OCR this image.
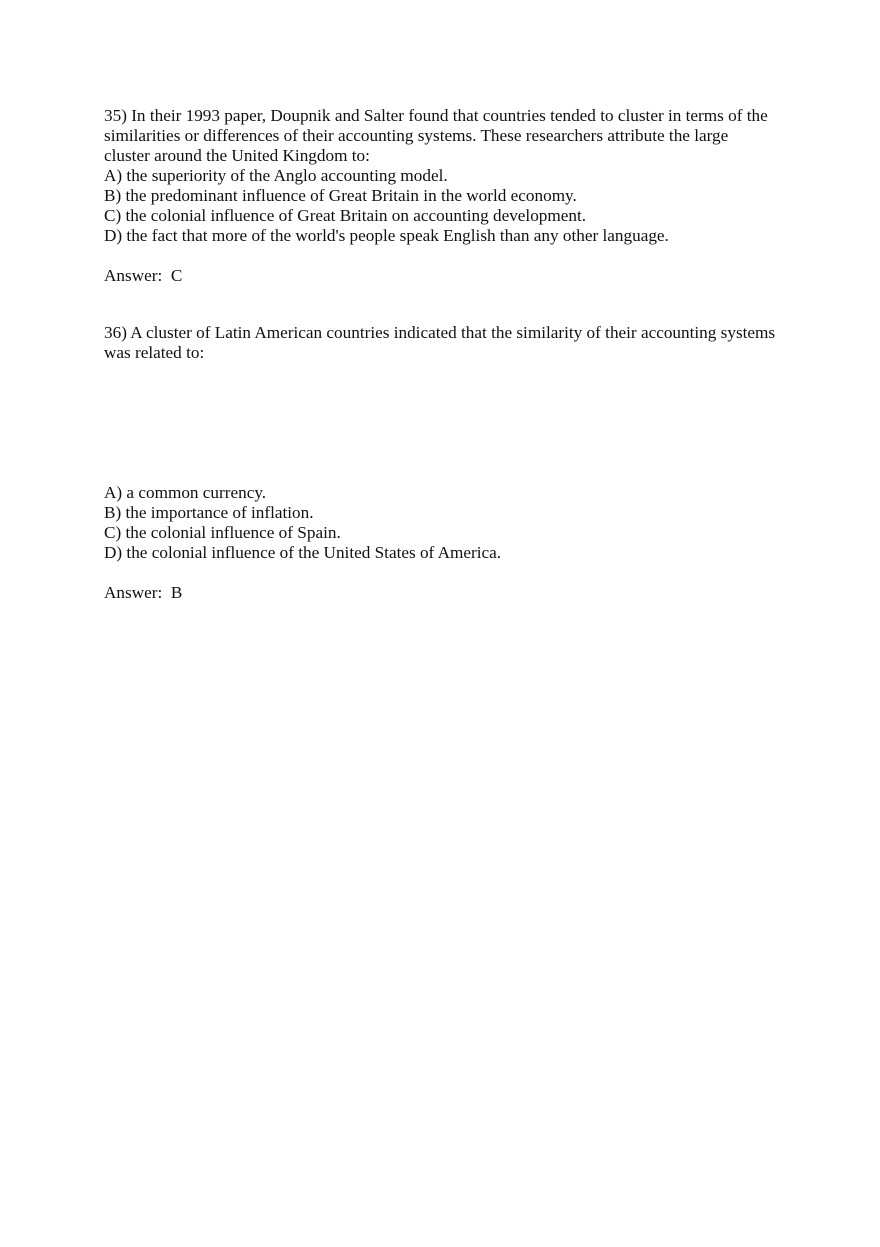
35) In their 1993 paper, Doupnik and Salter found that countries tended to cluster in terms of the
similarities or differences of their accounting systems. These researchers attribute the large
cluster around the United Kingdom to:
A) the superiority of the Anglo accounting model.
B) the predominant influence of Great Britain in the world economy.
C) the colonial influence of Great Britain on accounting development.
D) the fact that more of the world's people speak English than any other language.
Answer:  C
36) A cluster of Latin American countries indicated that the similarity of their accounting systems
was related to:
A) a common currency.
B) the importance of inflation.
C) the colonial influence of Spain.
D) the colonial influence of the United States of America.
Answer:  B
